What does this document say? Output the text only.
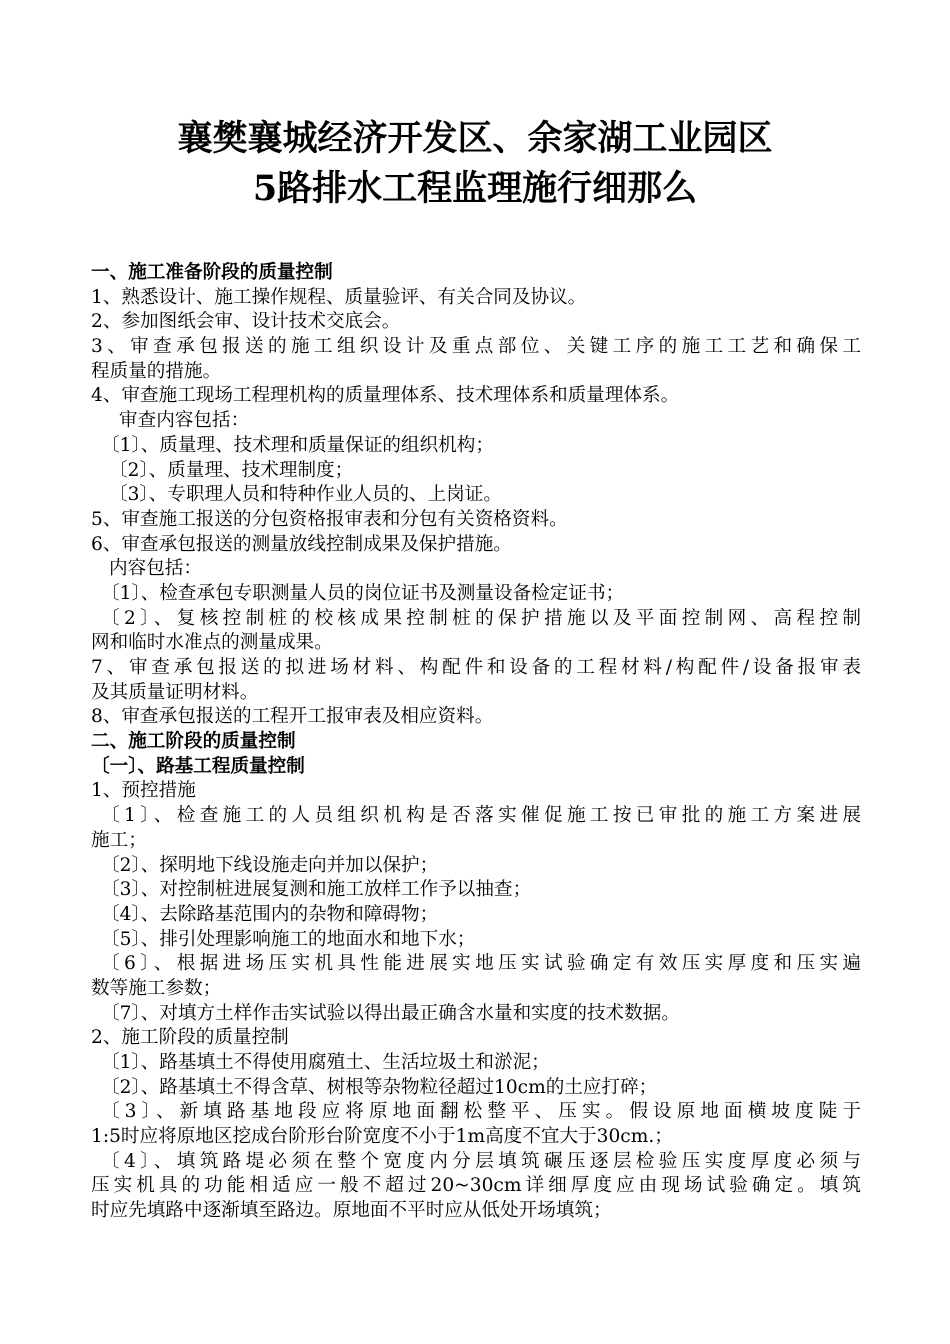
襄樊襄城经济开发区、余家湖工业园区
5路排水工程监理施行细那么
一、施工准备阶段的质量控制
1、熟悉设计、施工操作规程、质量验评、有关合同及协议。
2、参加图纸会审、设计技术交底会。
3、审查承包报送的施工组织设计及重点部位、关键工序的施工工艺和确保工
程质量的措施。
4、审查施工现场工程理机构的质量理体系、技术理体系和质量理体系。
审查内容包括：
〔1〕、质量理、技术理和质量保证的组织机构；
〔2〕、质量理、技术理制度；
〔3〕、专职理人员和特种作业人员的、上岗证。
5、审查施工报送的分包资格报审表和分包有关资格资料。
6、审查承包报送的测量放线控制成果及保护措施。
内容包括：
〔1〕、检查承包专职测量人员的岗位证书及测量设备检定证书；
〔2〕、复核控制桩的校核成果控制桩的保护措施以及平面控制网、高程控制
网和临时水准点的测量成果。
7、审查承包报送的拟进场材料、构配件和设备的工程材料/构配件/设备报审表
及其质量证明材料。
8、审查承包报送的工程开工报审表及相应资料。
二、施工阶段的质量控制
〔一〕、路基工程质量控制
1、预控措施
〔1〕、检查施工的人员组织机构是否落实催促施工按已审批的施工方案进展
施工；
〔2〕、探明地下线设施走向并加以保护；
〔3〕、对控制桩进展复测和施工放样工作予以抽查；
〔4〕、去除路基范围内的杂物和障碍物；
〔5〕、排引处理影响施工的地面水和地下水；
〔6〕、根据进场压实机具性能进展实地压实试验确定有效压实厚度和压实遍
数等施工参数；
〔7〕、对填方土样作击实试验以得出最正确含水量和实度的技术数据。
2、施工阶段的质量控制
〔1〕、路基填土不得使用腐殖土、生活垃圾土和淤泥；
〔2〕、路基填土不得含草、树根等杂物粒径超过10cm的土应打碎；
〔3〕、新填路基地段应将原地面翻松整平、压实。假设原地面横坡度陡于
1:5时应将原地区挖成台阶形台阶宽度不小于1m高度不宜大于30cm.；
〔4〕、填筑路堤必须在整个宽度内分层填筑碾压逐层检验压实度厚度必须与
压实机具的功能相适应一般不超过20~30cm详细厚度应由现场试验确定。填筑
时应先填路中逐渐填至路边。原地面不平时应从低处开场填筑；
